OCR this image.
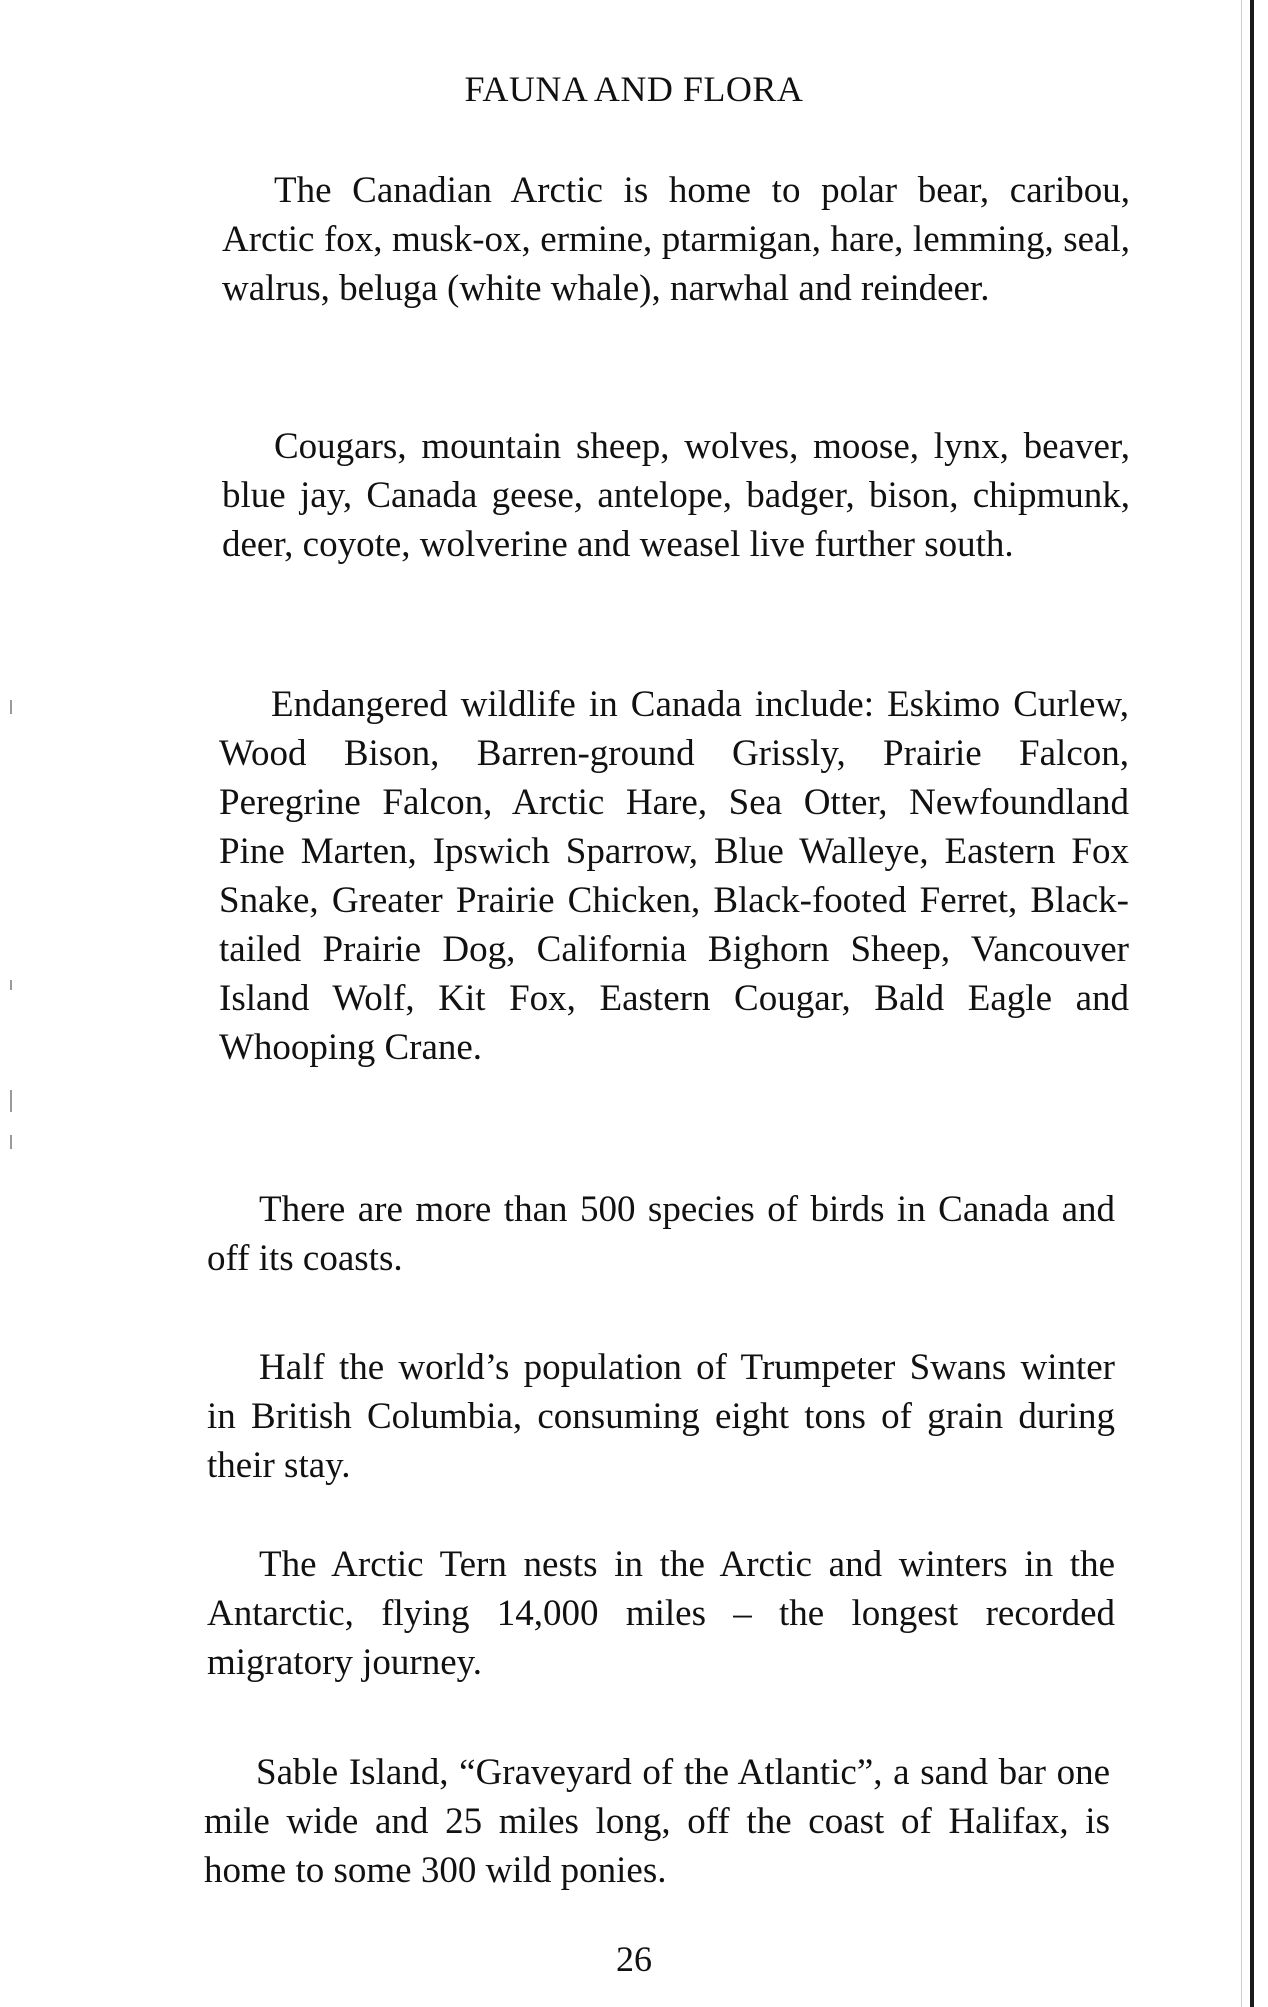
FAUNA AND FLORA

The Canadian Arctic is home to polar bear, caribou, Arctic fox, musk-ox, ermine, ptarmigan, hare, lemming, seal, walrus, beluga (white whale), narwhal and reindeer.

Cougars, mountain sheep, wolves, moose, lynx, beaver, blue jay, Canada geese, antelope, badger, bison, chipmunk, deer, coyote, wolverine and weasel live further south.

Endangered wildlife in Canada include: Eskimo Curlew, Wood Bison, Barren-ground Grissly, Prairie Falcon, Peregrine Falcon, Arctic Hare, Sea Otter, Newfoundland Pine Marten, Ipswich Sparrow, Blue Walleye, Eastern Fox Snake, Greater Prairie Chicken, Black-footed Ferret, Black-tailed Prairie Dog, California Bighorn Sheep, Vancouver Island Wolf, Kit Fox, Eastern Cougar, Bald Eagle and Whooping Crane.

There are more than 500 species of birds in Canada and off its coasts.

Half the world’s population of Trumpeter Swans winter in British Columbia, consuming eight tons of grain during their stay.

The Arctic Tern nests in the Arctic and winters in the Antarctic, flying 14,000 miles – the longest recorded migratory journey.

Sable Island, “Graveyard of the Atlantic”, a sand bar one mile wide and 25 miles long, off the coast of Halifax, is home to some 300 wild ponies.

26
